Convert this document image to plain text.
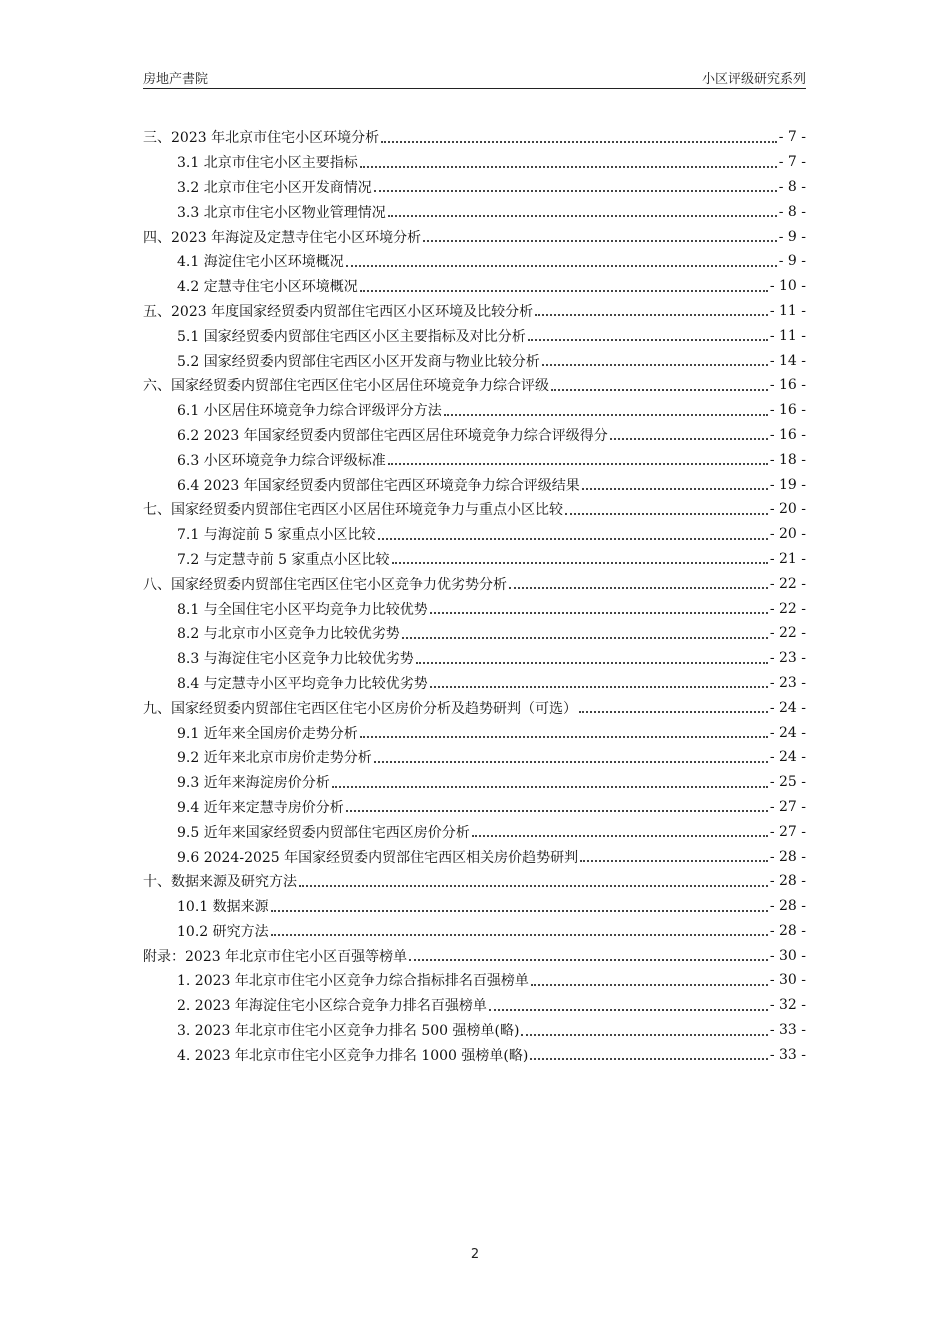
房地产書院	小区评级研究系列
三、2023 年北京市住宅小区环境分析	- 7 -
3.1 北京市住宅小区主要指标	- 7 -
3.2 北京市住宅小区开发商情况	- 8 -
3.3 北京市住宅小区物业管理情况	- 8 -
四、2023 年海淀及定慧寺住宅小区环境分析	- 9 -
4.1 海淀住宅小区环境概况	- 9 -
4.2 定慧寺住宅小区环境概况	- 10 -
五、2023 年度国家经贸委内贸部住宅西区小区环境及比较分析	- 11 -
5.1 国家经贸委内贸部住宅西区小区主要指标及对比分析	- 11 -
5.2 国家经贸委内贸部住宅西区小区开发商与物业比较分析	- 14 -
六、国家经贸委内贸部住宅西区住宅小区居住环境竞争力综合评级	- 16 -
6.1 小区居住环境竞争力综合评级评分方法	- 16 -
6.2 2023 年国家经贸委内贸部住宅西区居住环境竞争力综合评级得分	- 16 -
6.3 小区环境竞争力综合评级标准	- 18 -
6.4 2023 年国家经贸委内贸部住宅西区环境竞争力综合评级结果	- 19 -
七、国家经贸委内贸部住宅西区小区居住环境竞争力与重点小区比较	- 20 -
7.1 与海淀前 5 家重点小区比较	- 20 -
7.2 与定慧寺前 5 家重点小区比较	- 21 -
八、国家经贸委内贸部住宅西区住宅小区竞争力优劣势分析	- 22 -
8.1 与全国住宅小区平均竞争力比较优势	- 22 -
8.2 与北京市小区竞争力比较优劣势	- 22 -
8.3 与海淀住宅小区竞争力比较优劣势	- 23 -
8.4 与定慧寺小区平均竞争力比较优劣势	- 23 -
九、国家经贸委内贸部住宅西区住宅小区房价分析及趋势研判（可选）	- 24 -
9.1 近年来全国房价走势分析	- 24 -
9.2 近年来北京市房价走势分析	- 24 -
9.3 近年来海淀房价分析	- 25 -
9.4 近年来定慧寺房价分析	- 27 -
9.5 近年来国家经贸委内贸部住宅西区房价分析	- 27 -
9.6 2024-2025 年国家经贸委内贸部住宅西区相关房价趋势研判	- 28 -
十、数据来源及研究方法	- 28 -
10.1 数据来源	- 28 -
10.2 研究方法	- 28 -
附录：2023 年北京市住宅小区百强等榜单	- 30 -
1. 2023 年北京市住宅小区竞争力综合指标排名百强榜单	- 30 -
2. 2023 年海淀住宅小区综合竞争力排名百强榜单	- 32 -
3. 2023 年北京市住宅小区竞争力排名 500 强榜单(略)	- 33 -
4. 2023 年北京市住宅小区竞争力排名 1000 强榜单(略)	- 33 -
2
